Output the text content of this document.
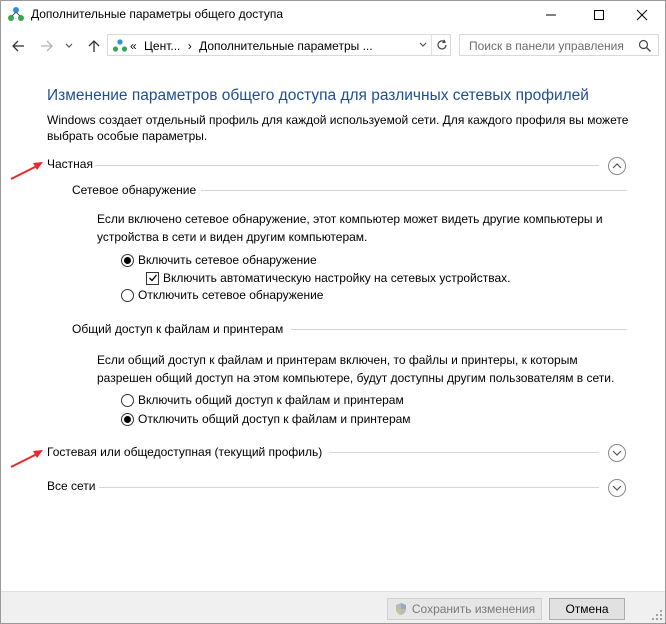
Дополнительные параметры общего доступа
« Цент... › Дополнительные параметры ...	Поиск в панели управления
Изменение параметров общего доступа для различных сетевых профилей
Windows создает отдельный профиль для каждой используемой сети. Для каждого профиля вы можете выбрать особые параметры.
Частная
Сетевое обнаружение
Если включено сетевое обнаружение, этот компьютер может видеть другие компьютеры и устройства в сети и виден другим компьютерам.
Включить сетевое обнаружение
Включить автоматическую настройку на сетевых устройствах.
Отключить сетевое обнаружение
Общий доступ к файлам и принтерам
Если общий доступ к файлам и принтерам включен, то файлы и принтеры, к которым разрешен общий доступ на этом компьютере, будут доступны другим пользователям в сети.
Включить общий доступ к файлам и принтерам
Отключить общий доступ к файлам и принтерам
Гостевая или общедоступная (текущий профиль)
Все сети
Сохранить изменения	Отмена
